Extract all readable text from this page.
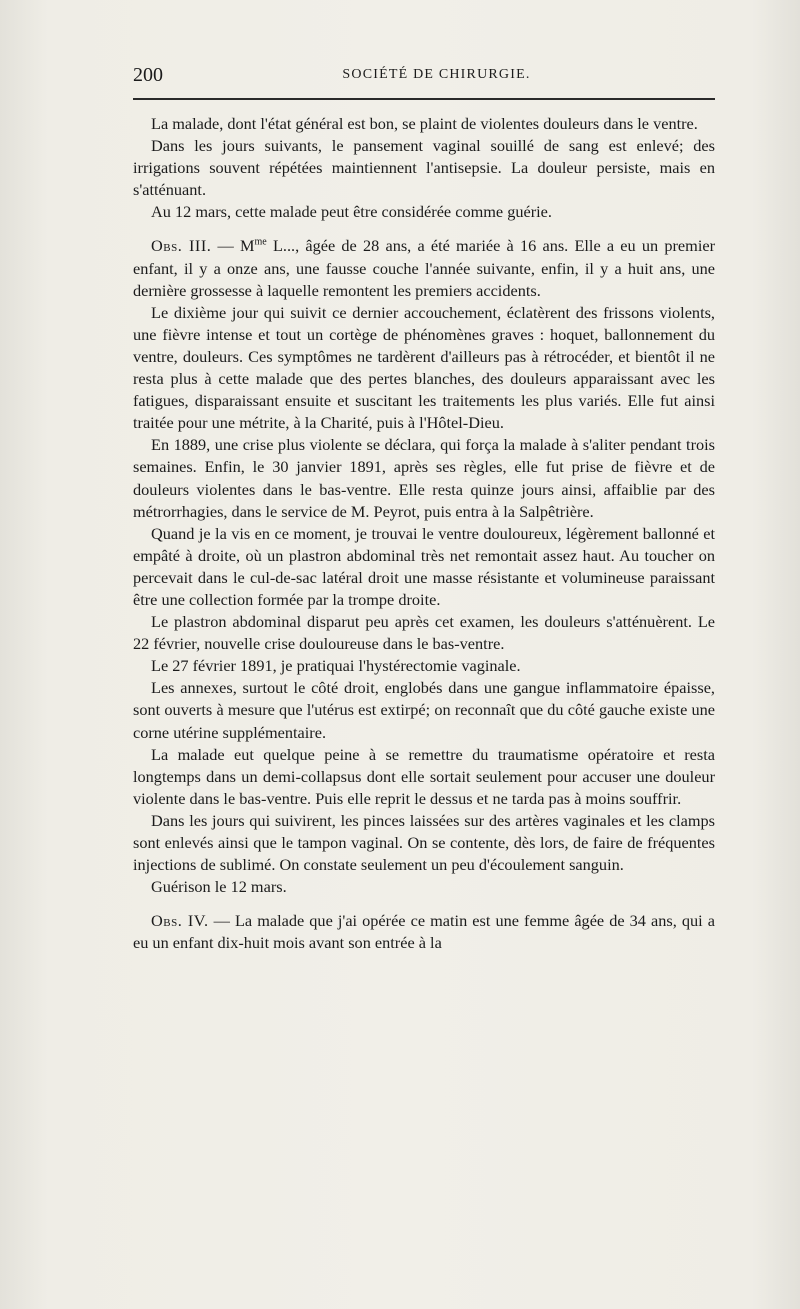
200	SOCIÉTÉ DE CHIRURGIE.

La malade, dont l'état général est bon, se plaint de violentes douleurs dans le ventre.

Dans les jours suivants, le pansement vaginal souillé de sang est enlevé; des irrigations souvent répétées maintiennent l'antisepsie. La douleur persiste, mais en s'atténuant.

Au 12 mars, cette malade peut être considérée comme guérie.

Obs. III. — $M^{me}$ L..., âgée de 28 ans, a été mariée à 16 ans. Elle a eu un premier enfant, il y a onze ans, une fausse couche l'année suivante, enfin, il y a huit ans, une dernière grossesse à laquelle remontent les premiers accidents.

Le dixième jour qui suivit ce dernier accouchement, éclatèrent des frissons violents, une fièvre intense et tout un cortège de phénomènes graves : hoquet, ballonnement du ventre, douleurs. Ces symptômes ne tardèrent d'ailleurs pas à rétrocéder, et bientôt il ne resta plus à cette malade que des pertes blanches, des douleurs apparaissant avec les fatigues, disparaissant ensuite et suscitant les traitements les plus variés. Elle fut ainsi traitée pour une métrite, à la Charité, puis à l'Hôtel-Dieu.

En 1889, une crise plus violente se déclara, qui força la malade à s'aliter pendant trois semaines. Enfin, le 30 janvier 1891, après ses règles, elle fut prise de fièvre et de douleurs violentes dans le bas-ventre. Elle resta quinze jours ainsi, affaiblie par des métrorrhagies, dans le service de M. Peyrot, puis entra à la Salpêtrière.

Quand je la vis en ce moment, je trouvai le ventre douloureux, légèrement ballonné et empâté à droite, où un plastron abdominal très net remontait assez haut. Au toucher on percevait dans le cul-de-sac latéral droit une masse résistante et volumineuse paraissant être une collection formée par la trompe droite.

Le plastron abdominal disparut peu après cet examen, les douleurs s'atténuèrent. Le 22 février, nouvelle crise douloureuse dans le bas-ventre.

Le 27 février 1891, je pratiquai l'hystérectomie vaginale.

Les annexes, surtout le côté droit, englobés dans une gangue inflammatoire épaisse, sont ouverts à mesure que l'utérus est extirpé; on reconnaît que du côté gauche existe une corne utérine supplémentaire.

La malade eut quelque peine à se remettre du traumatisme opératoire et resta longtemps dans un demi-collapsus dont elle sortait seulement pour accuser une douleur violente dans le bas-ventre. Puis elle reprit le dessus et ne tarda pas à moins souffrir.

Dans les jours qui suivirent, les pinces laissées sur des artères vaginales et les clamps sont enlevés ainsi que le tampon vaginal. On se contente, dès lors, de faire de fréquentes injections de sublimé. On constate seulement un peu d'écoulement sanguin.

Guérison le 12 mars.

Obs. IV. — La malade que j'ai opérée ce matin est une femme âgée de 34 ans, qui a eu un enfant dix-huit mois avant son entrée à la
